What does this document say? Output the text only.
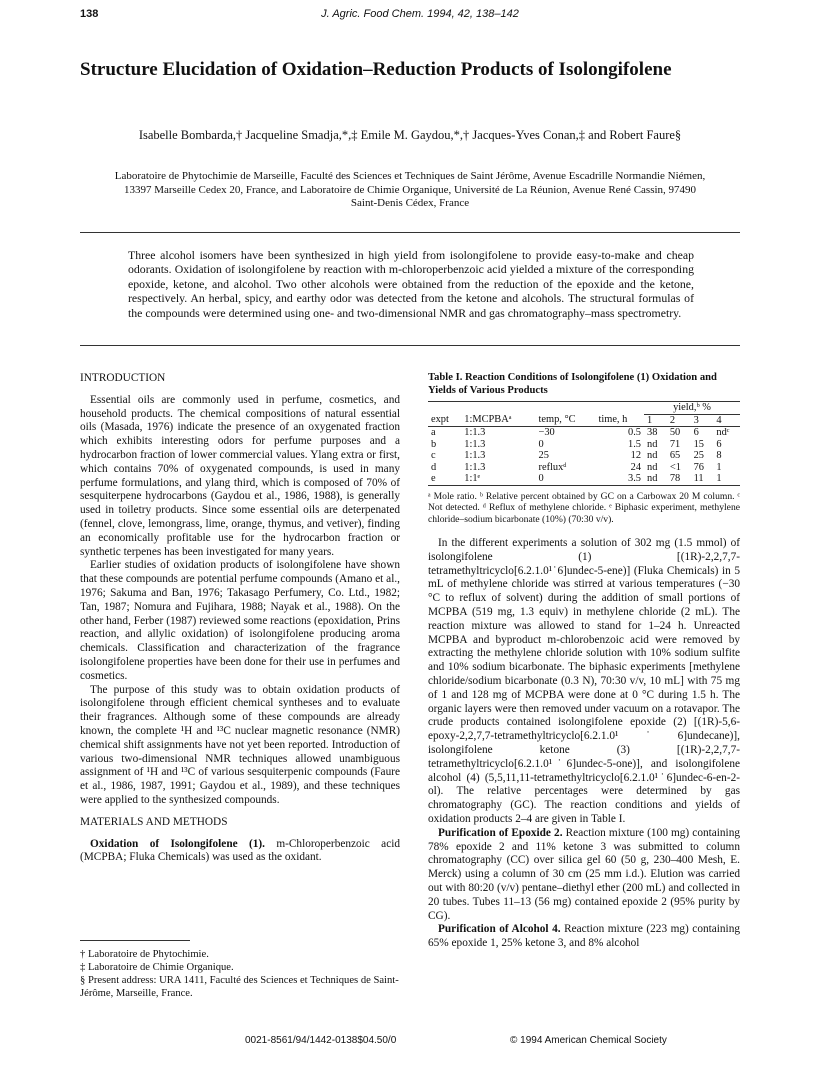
138	J. Agric. Food Chem. 1994, 42, 138–142
Structure Elucidation of Oxidation–Reduction Products of Isolongifolene
Isabelle Bombarda,† Jacqueline Smadja,*,‡ Emile M. Gaydou,*,† Jacques-Yves Conan,‡ and Robert Faure§
Laboratoire de Phytochimie de Marseille, Faculté des Sciences et Techniques de Saint Jérôme, Avenue Escadrille Normandie Niémen, 13397 Marseille Cedex 20, France, and Laboratoire de Chimie Organique, Université de La Réunion, Avenue René Cassin, 97490 Saint-Denis Cédex, France
Three alcohol isomers have been synthesized in high yield from isolongifolene to provide easy-to-make and cheap odorants. Oxidation of isolongifolene by reaction with m-chloroperbenzoic acid yielded a mixture of the corresponding epoxide, ketone, and alcohol. Two other alcohols were obtained from the reduction of the epoxide and the ketone, respectively. An herbal, spicy, and earthy odor was detected from the ketone and alcohols. The structural formulas of the compounds were determined using one- and two-dimensional NMR and gas chromatography–mass spectrometry.

INTRODUCTION

Essential oils are commonly used in perfume, cosmetics, and household products. The chemical compositions of natural essential oils (Masada, 1976) indicate the presence of an oxygenated fraction which exhibits interesting odors for perfume purposes and a hydrocarbon fraction of lower commercial values. Ylang extra or first, which contains 70% of oxygenated compounds, is used in many perfume formulations, and ylang third, which is composed of 70% of sesquiterpene hydrocarbons (Gaydou et al., 1986, 1988), is generally used in toiletry products. Since some essential oils are deterpenated (fennel, clove, lemongrass, lime, orange, thymus, and vetiver), finding an economically profitable use for the hydrocarbon fraction or synthetic terpenes has been investigated for many years.

Earlier studies of oxidation products of isolongifolene have shown that these compounds are potential perfume compounds (Amano et al., 1976; Sakuma and Ban, 1976; Takasago Perfumery, Co. Ltd., 1982; Tan, 1987; Nomura and Fujihara, 1988; Nayak et al., 1988). On the other hand, Ferber (1987) reviewed some reactions (epoxidation, Prins reaction, and allylic oxidation) of isolongifolene producing aroma chemicals. Classification and characterization of the fragrance isolongifolene properties have been done for their use in perfumes and cosmetics.

The purpose of this study was to obtain oxidation products of isolongifolene through efficient chemical syntheses and to evaluate their fragrances. Although some of these compounds are already known, the complete ¹H and ¹³C nuclear magnetic resonance (NMR) chemical shift assignments have not yet been reported. Introduction of various two-dimensional NMR techniques allowed unambiguous assignment of ¹H and ¹³C of various sesquiterpenic compounds (Faure et al., 1986, 1987, 1991; Gaydou et al., 1989), and these techniques were applied to the synthesized compounds.

MATERIALS AND METHODS

Oxidation of Isolongifolene (1). m-Chloroperbenzoic acid (MCPBA; Fluka Chemicals) was used as the oxidant.

† Laboratoire de Phytochimie.
‡ Laboratoire de Chimie Organique.
§ Present address: URA 1411, Faculté des Sciences et Techniques de Saint-Jérôme, Marseille, France.
Table I. Reaction Conditions of Isolongifolene (1) Oxidation and Yields of Various Products
				yield,ᵇ %			
expt	1:MCPBAᵃ	temp, °C	time, h	1	2	3	4
a	1:1.3	−30	0.5	38	50	6	ndᶜ
b	1:1.3	0	1.5	nd	71	15	6
c	1:1.3	25	12	nd	65	25	8
d	1:1.3	refluxᵈ	24	nd	<1	76	1
e	1:1ᵉ	0	3.5	nd	78	11	1
ᵃ Mole ratio. ᵇ Relative percent obtained by GC on a Carbowax 20 M column. ᶜ Not detected. ᵈ Reflux of methylene chloride. ᵉ Biphasic experiment, methylene chloride–sodium bicarbonate (10%) (70:30 v/v).

In the different experiments a solution of 302 mg (1.5 mmol) of isolongifolene (1) [(1R)-2,2,7,7-tetramethyltricyclo[6.2.1.0¹˙6]undec-5-ene)] (Fluka Chemicals) in 5 mL of methylene chloride was stirred at various temperatures (−30 °C to reflux of solvent) during the addition of small portions of MCPBA (519 mg, 1.3 equiv) in methylene chloride (2 mL). The reaction mixture was allowed to stand for 1–24 h. Unreacted MCPBA and byproduct m-chlorobenzoic acid were removed by extracting the methylene chloride solution with 10% sodium sulfite and 10% sodium bicarbonate. The biphasic experiments [methylene chloride/sodium bicarbonate (0.3 N), 70:30 v/v, 10 mL] with 75 mg of 1 and 128 mg of MCPBA were done at 0 °C during 1.5 h. The organic layers were then removed under vacuum on a rotavapor. The crude products contained isolongifolene epoxide (2) [(1R)-5,6-epoxy-2,2,7,7-tetramethyltricyclo[6.2.1.0¹˙6]undecane)], isolongifolene ketone (3) [(1R)-2,2,7,7-tetramethyltricyclo[6.2.1.0¹˙6]undec-5-one)], and isolongifolene alcohol (4) (5,5,11,11-tetramethyltricyclo[6.2.1.0¹˙6]undec-6-en-2-ol). The relative percentages were determined by gas chromatography (GC). The reaction conditions and yields of oxidation products 2–4 are given in Table I.

Purification of Epoxide 2. Reaction mixture (100 mg) containing 78% epoxide 2 and 11% ketone 3 was submitted to column chromatography (CC) over silica gel 60 (50 g, 230–400 Mesh, E. Merck) using a column of 30 cm (25 mm i.d.). Elution was carried out with 80:20 (v/v) pentane–diethyl ether (200 mL) and collected in 20 tubes. Tubes 11–13 (56 mg) contained epoxide 2 (95% purity by CG).

Purification of Alcohol 4. Reaction mixture (223 mg) containing 65% epoxide 1, 25% ketone 3, and 8% alcohol

0021-8561/94/1442-0138$04.50/0	© 1994 American Chemical Society
